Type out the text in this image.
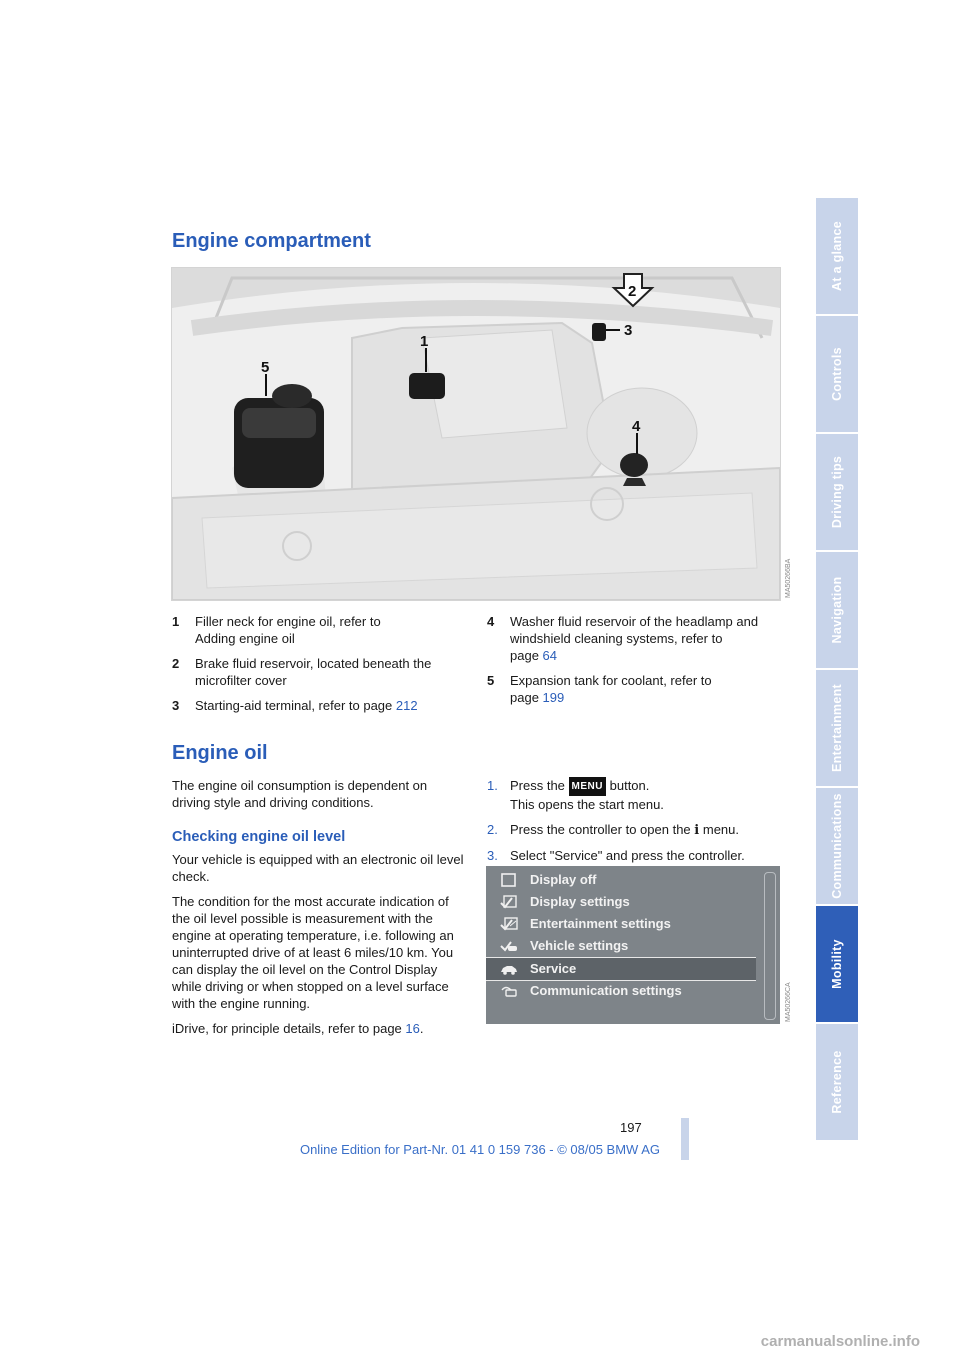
At a glance
Controls
Driving tips
Navigation
Entertainment
Communications
Mobility
Reference
Engine compartment
2
1
3
4
5
MA50266BA
1	Filler neck for engine oil, refer to
Adding engine oil
2	Brake fluid reservoir, located beneath the
microfilter cover
3	Starting-aid terminal, refer to page 212
4	Washer fluid reservoir of the headlamp and
windshield cleaning systems, refer to
page 64
5	Expansion tank for coolant, refer to
page 199
Engine oil

The engine oil consumption is dependent on driving style and driving conditions.

Checking engine oil level

Your vehicle is equipped with an electronic oil level check.

The condition for the most accurate indication of the oil level possible is measurement with the engine at operating temperature, i.e. following an uninterrupted drive of at least 6 miles/10 km. You can display the oil level on the Control Display while driving or when stopped on a level surface with the engine running.

iDrive, for principle details, refer to page 16.

1. Press the MENU button.
This opens the start menu.
2. Press the controller to open the i menu.
3. Select "Service" and press the controller.
Display off
Display settings
Entertainment settings
Vehicle settings
Service
Communication settings	MA50266CA
197
Online Edition for Part-Nr. 01 41 0 159 736 - © 08/05 BMW AG
carmanualsonline.info
